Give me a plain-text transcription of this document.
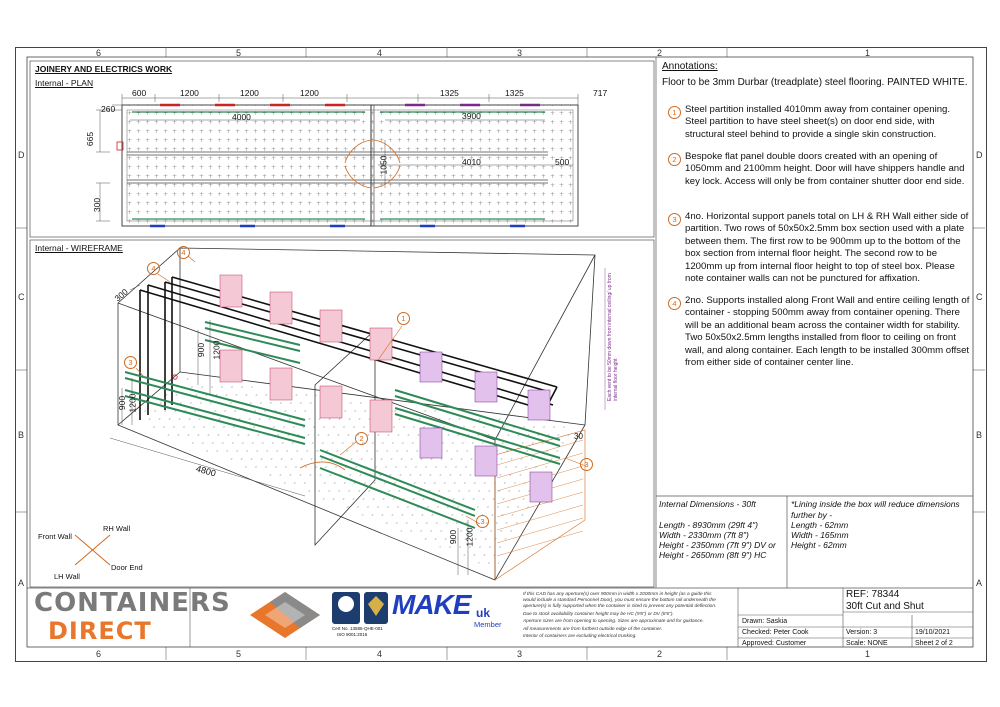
6	5	4	3	2	1
6	5	4	3	2	1
D
C
B
A
D
C
B
A
JOINERY AND ELECTRICS WORK
Internal - PLAN
600	1200	1200	1200	1325	1325	717
260
665
4000	3900
1050	4010	500
300
Internal - WIREFRAME
300
900 1200
900 1200
900 1200
4800
30
Each vent to be 50mm down from internal ceiling/ up from internal floor height
4
4
3
1
2
3
3
Front Wall
RH Wall
LH Wall
Door End
Annotations:
Floor to be 3mm Durbar (treadplate) steel flooring. PAINTED WHITE.
1 Steel partition installed 4010mm away from container opening. Steel partition to have steel sheet(s) on door end side, with structural steel behind to provide a single skin construction.
2 Bespoke flat panel double doors created with an opening of 1050mm and 2100mm height. Door will have shippers handle and key lock. Access will only be from container shutter door end side.
3 4no. Horizontal support panels total on LH & RH Wall either side of partition. Two rows of 50x50x2.5mm box section used with a plate between them. The first row to be 900mm up to the bottom of the box section from internal floor height. The second row to be 1200mm up from internal floor height to top of steel box. Please note container walls can not be punctured for affixation.
4 2no. Supports installed along Front Wall and entire ceiling length of container - stopping 500mm away from container opening. There will be an additional beam across the container width for stability. Two 50x50x2.5mm lengths installed from floor to ceiling on front wall, and along container. Each length to be installed 300mm offset from either side of container center line.
Internal Dimensions - 30ft
Length - 8930mm (29ft 4")
Width - 2330mm (7ft 8")
Height - 2350mm (7ft 9") DV or
Height - 2650mm (8ft 9") HC
*Lining inside the box will reduce dimensions further by -
Length - 62mm
Width - 165mm
Height - 62mm
CONTAINERS
DIRECT	Cert No. 13586-QHE-001
ISO 9001:2015
MAKE uk
Member
If this CAD has any aperture(s) over 900mm in width x 2000mm in height (as a guide this would include a standard Personnel Door), you must ensure the bottom rail underneath the aperture(s) is fully supported when the container is sited to prevent any potential deflection.
Due to stock availability container height may be HC (9'6") or DV (8'6").
Aperture sizes are from opening to opening. Sizes are approximate and for guidance.
All measurements are from furthest outside edge of the container.
Interior of containers are excluding electrical trunking.
Drawn: Saskia
Checked: Peter Cook
Approved: Customer
REF: 78344
30ft Cut and Shut
Version: 3	19/10/2021
Scale: NONE	Sheet 2 of 2
